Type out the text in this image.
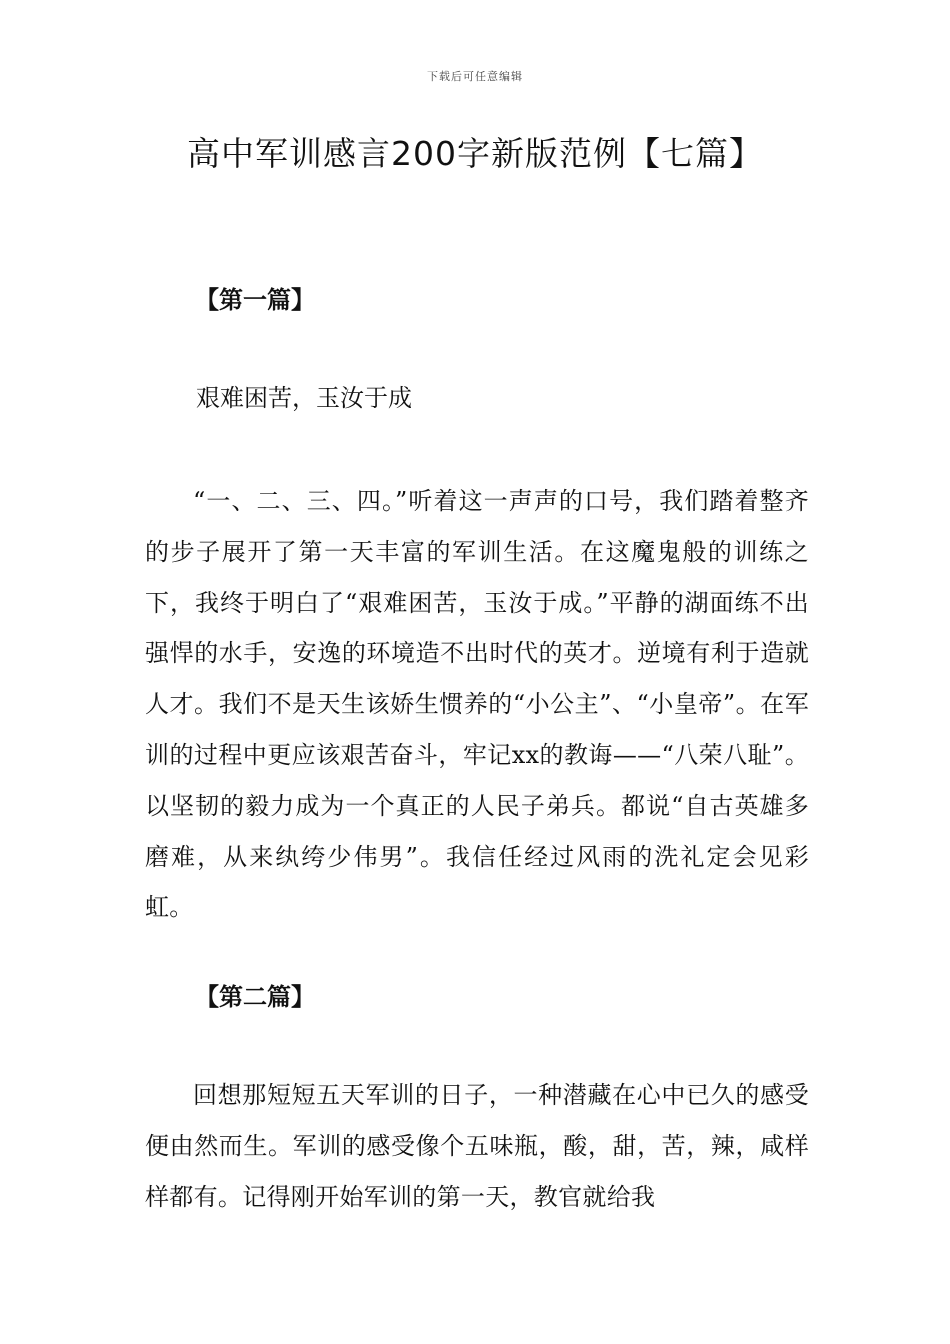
下载后可任意编辑
高中军训感言200字新版范例【七篇】
【第一篇】

艰难困苦，玉汝于成

“一、二、三、四。”听着这一声声的口号，我们踏着整齐的步子展开了第一天丰富的军训生活。在这魔鬼般的训练之下，我终于明白了“艰难困苦，玉汝于成。”平静的湖面练不出强悍的水手，安逸的环境造不出时代的英才。逆境有利于造就人才。我们不是天生该娇生惯养的“小公主”、“小皇帝”。在军训的过程中更应该艰苦奋斗，牢记xx的教诲——“八荣八耻”。以坚韧的毅力成为一个真正的人民子弟兵。都说“自古英雄多磨难，从来纨绔少伟男”。我信任经过风雨的洗礼定会见彩虹。

【第二篇】

回想那短短五天军训的日子，一种潜藏在心中已久的感受便由然而生。军训的感受像个五味瓶，酸，甜，苦，辣，咸样样都有。记得刚开始军训的第一天，教官就给我
